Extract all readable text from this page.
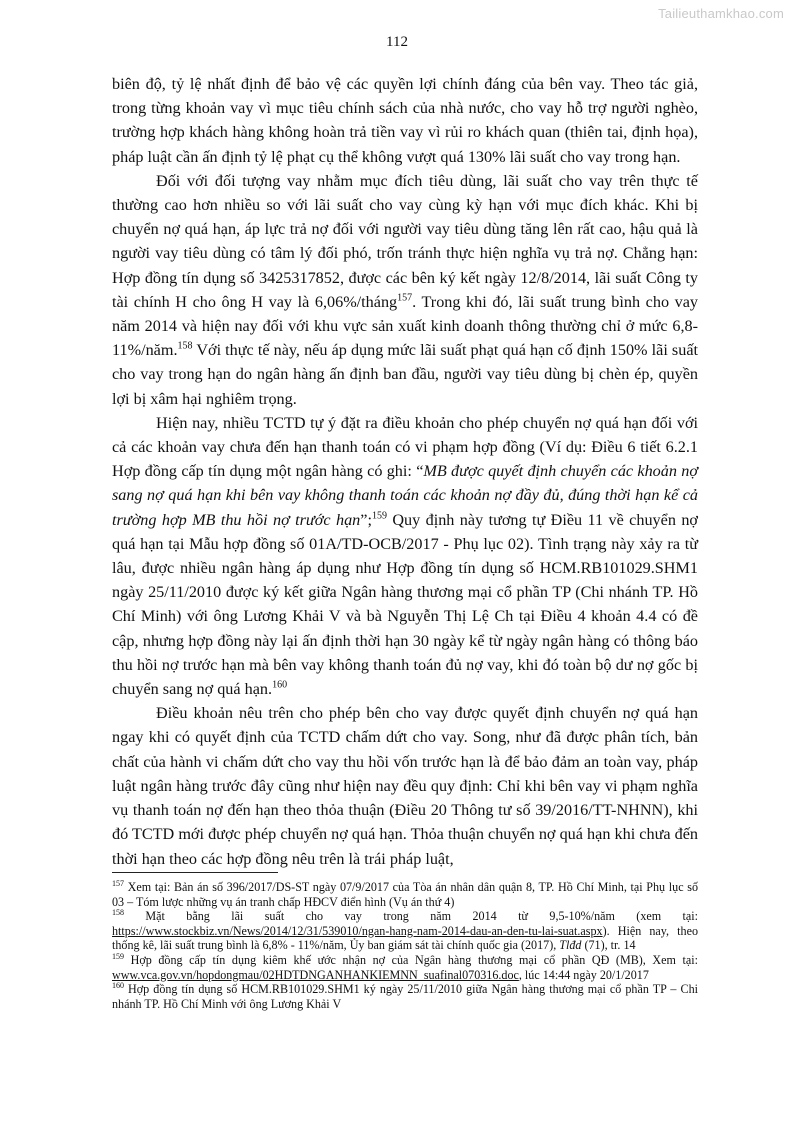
Tailieuthamkhao.com
112

biên độ, tỷ lệ nhất định để bảo vệ các quyền lợi chính đáng của bên vay. Theo tác giả, trong từng khoản vay vì mục tiêu chính sách của nhà nước, cho vay hỗ trợ người nghèo, trường hợp khách hàng không hoàn trả tiền vay vì rủi ro khách quan (thiên tai, định họa), pháp luật cần ấn định tỷ lệ phạt cụ thể không vượt quá 130% lãi suất cho vay trong hạn.

Đối với đối tượng vay nhằm mục đích tiêu dùng, lãi suất cho vay trên thực tế thường cao hơn nhiều so với lãi suất cho vay cùng kỳ hạn với mục đích khác. Khi bị chuyển nợ quá hạn, áp lực trả nợ đối với người vay tiêu dùng tăng lên rất cao, hậu quả là người vay tiêu dùng có tâm lý đối phó, trốn tránh thực hiện nghĩa vụ trả nợ. Chẳng hạn: Hợp đồng tín dụng số 3425317852, được các bên ký kết ngày 12/8/2014, lãi suất Công ty tài chính H cho ông H vay là 6,06%/tháng$^{157}$. Trong khi đó, lãi suất trung bình cho vay năm 2014 và hiện nay đối với khu vực sản xuất kinh doanh thông thường chỉ ở mức 6,8-11%/năm.$^{158}$ Với thực tế này, nếu áp dụng mức lãi suất phạt quá hạn cố định 150% lãi suất cho vay trong hạn do ngân hàng ấn định ban đầu, người vay tiêu dùng bị chèn ép, quyền lợi bị xâm hại nghiêm trọng.

Hiện nay, nhiều TCTD tự ý đặt ra điều khoản cho phép chuyển nợ quá hạn đối với cả các khoản vay chưa đến hạn thanh toán có vi phạm hợp đồng (Ví dụ: Điều 6 tiết 6.2.1 Hợp đồng cấp tín dụng một ngân hàng có ghi: “MB được quyết định chuyển các khoản nợ sang nợ quá hạn khi bên vay không thanh toán các khoản nợ đầy đủ, đúng thời hạn kể cả trường hợp MB thu hồi nợ trước hạn”;$^{159}$ Quy định này tương tự Điều 11 về chuyển nợ quá hạn tại Mẫu hợp đồng số 01A/TD-OCB/2017 - Phụ lục 02). Tình trạng này xảy ra từ lâu, được nhiều ngân hàng áp dụng như Hợp đồng tín dụng số HCM.RB101029.SHM1 ngày 25/11/2010 được ký kết giữa Ngân hàng thương mại cổ phần TP (Chi nhánh TP. Hồ Chí Minh) với ông Lương Khải V và bà Nguyễn Thị Lệ Ch tại Điều 4 khoản 4.4 có đề cập, nhưng hợp đồng này lại ấn định thời hạn 30 ngày kể từ ngày ngân hàng có thông báo thu hồi nợ trước hạn mà bên vay không thanh toán đủ nợ vay, khi đó toàn bộ dư nợ gốc bị chuyển sang nợ quá hạn.$^{160}$

Điều khoản nêu trên cho phép bên cho vay được quyết định chuyển nợ quá hạn ngay khi có quyết định của TCTD chấm dứt cho vay. Song, như đã được phân tích, bản chất của hành vi chấm dứt cho vay thu hồi vốn trước hạn là để bảo đảm an toàn vay, pháp luật ngân hàng trước đây cũng như hiện nay đều quy định: Chỉ khi bên vay vi phạm nghĩa vụ thanh toán nợ đến hạn theo thỏa thuận (Điều 20 Thông tư số 39/2016/TT-NHNN), khi đó TCTD mới được phép chuyển nợ quá hạn. Thỏa thuận chuyển nợ quá hạn khi chưa đến thời hạn theo các hợp đồng nêu trên là trái pháp luật,

$^{157}$ Xem tại: Bản án số 396/2017/DS-ST ngày 07/9/2017 của Tòa án nhân dân quận 8, TP. Hồ Chí Minh, tại Phụ lục số 03 – Tóm lược những vụ án tranh chấp HĐCV điển hình (Vụ án thứ 4)

$^{158}$ Mặt bằng lãi suất cho vay trong năm 2014 từ 9,5-10%/năm (xem tại: https://www.stockbiz.vn/News/2014/12/31/539010/ngan-hang-nam-2014-dau-an-den-tu-lai-suat.aspx). Hiện nay, theo thống kê, lãi suất trung bình là 6,8% - 11%/năm, Ủy ban giám sát tài chính quốc gia (2017), Tlđd (71), tr. 14

$^{159}$ Hợp đồng cấp tín dụng kiêm khế ước nhận nợ của Ngân hàng thương mại cổ phần QĐ (MB), Xem tại: www.vca.gov.vn/hopdongmau/02HDTDNGANHANKIEMNN_suafinal070316.doc, lúc 14:44 ngày 20/1/2017

$^{160}$ Hợp đồng tín dụng số HCM.RB101029.SHM1 ký ngày 25/11/2010 giữa Ngân hàng thương mại cổ phần TP – Chi nhánh TP. Hồ Chí Minh với ông Lương Khải V
